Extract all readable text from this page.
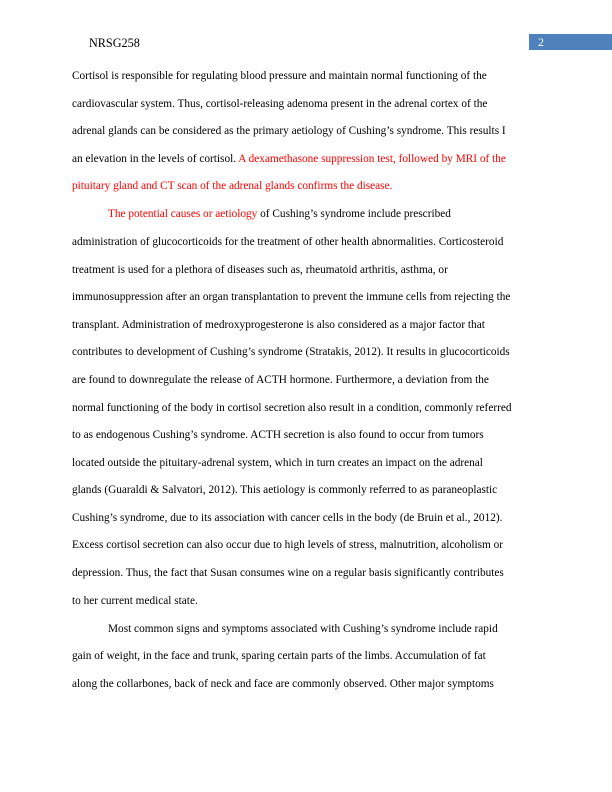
NRSG258	2
Cortisol is responsible for regulating blood pressure and maintain normal functioning of the
cardiovascular system. Thus, cortisol-releasing adenoma present in the adrenal cortex of the
adrenal glands can be considered as the primary aetiology of Cushing’s syndrome. This results I
an elevation in the levels of cortisol. A dexamethasone suppression test, followed by MRI of the
pituitary gland and CT scan of the adrenal glands confirms the disease.
The potential causes or aetiology of Cushing’s syndrome include prescribed
administration of glucocorticoids for the treatment of other health abnormalities. Corticosteroid
treatment is used for a plethora of diseases such as, rheumatoid arthritis, asthma, or
immunosuppression after an organ transplantation to prevent the immune cells from rejecting the
transplant. Administration of medroxyprogesterone is also considered as a major factor that
contributes to development of Cushing’s syndrome (Stratakis, 2012). It results in glucocorticoids
are found to downregulate the release of ACTH hormone. Furthermore, a deviation from the
normal functioning of the body in cortisol secretion also result in a condition, commonly referred
to as endogenous Cushing’s syndrome. ACTH secretion is also found to occur from tumors
located outside the pituitary-adrenal system, which in turn creates an impact on the adrenal
glands (Guaraldi & Salvatori, 2012). This aetiology is commonly referred to as paraneoplastic
Cushing’s syndrome, due to its association with cancer cells in the body (de Bruin et al., 2012).
Excess cortisol secretion can also occur due to high levels of stress, malnutrition, alcoholism or
depression. Thus, the fact that Susan consumes wine on a regular basis significantly contributes
to her current medical state.
Most common signs and symptoms associated with Cushing’s syndrome include rapid
gain of weight, in the face and trunk, sparing certain parts of the limbs. Accumulation of fat
along the collarbones, back of neck and face are commonly observed. Other major symptoms
